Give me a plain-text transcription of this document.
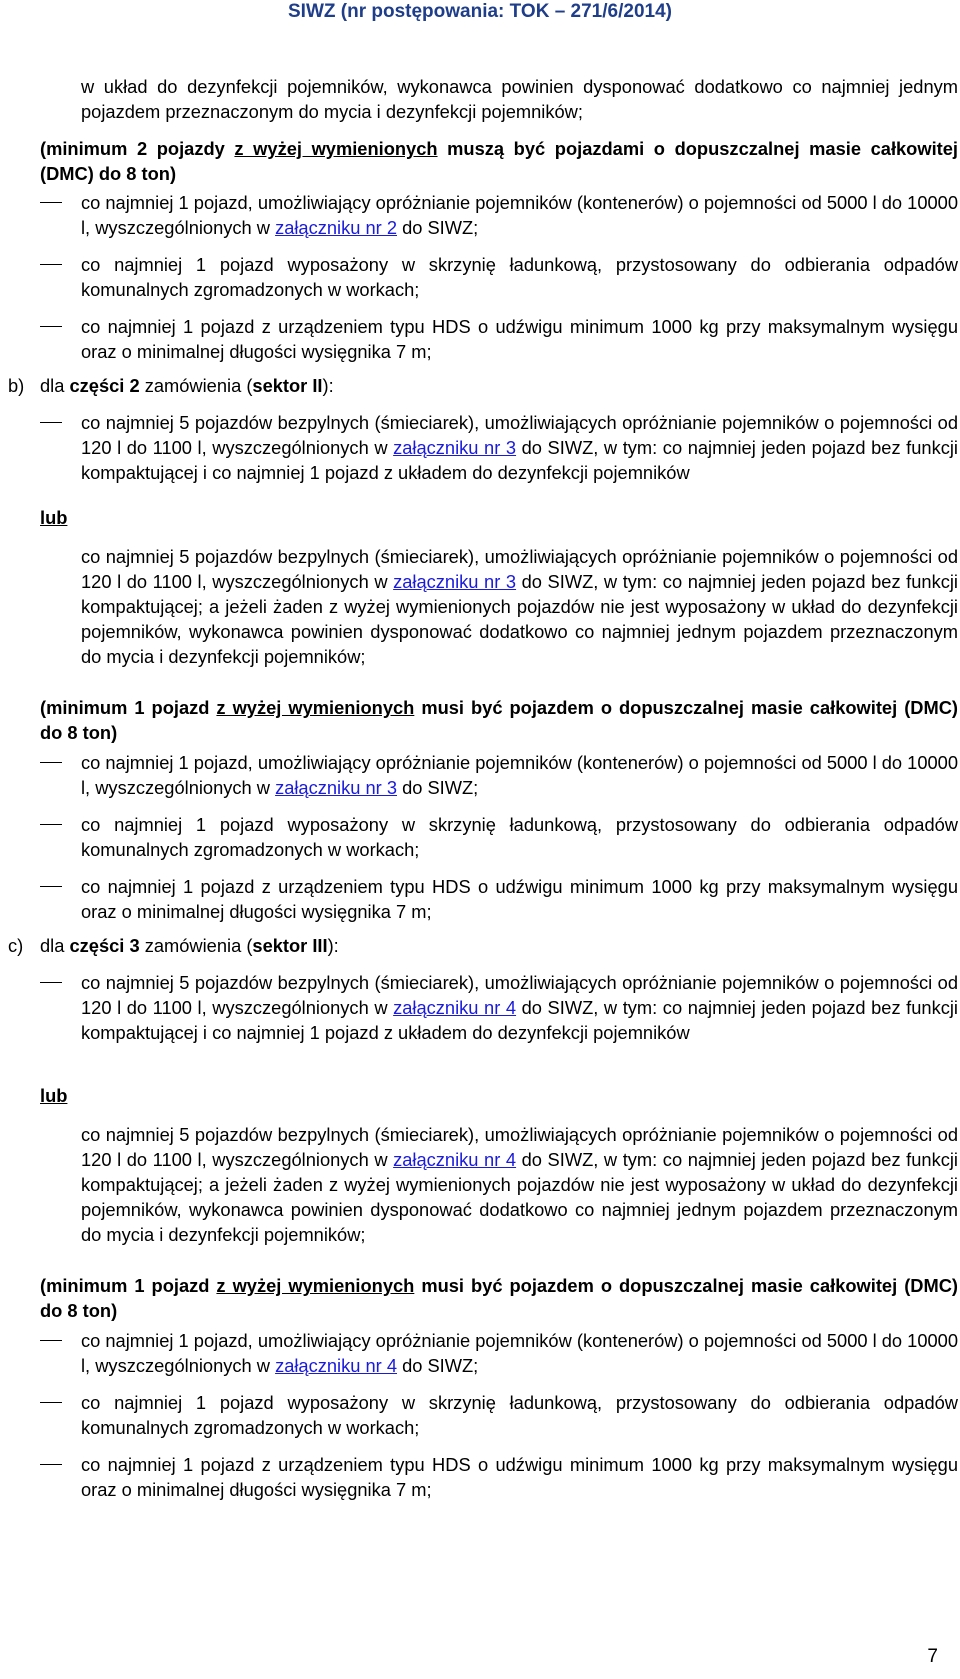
SIWZ (nr postępowania: TOK – 271/6/2014)
w układ do dezynfekcji pojemników, wykonawca powinien dysponować dodatkowo co najmniej jednym pojazdem przeznaczonym do mycia i dezynfekcji pojemników;
(minimum 2 pojazdy z wyżej wymienionych muszą być pojazdami o dopuszczalnej masie całkowitej (DMC) do 8 ton)
co najmniej 1 pojazd, umożliwiający opróżnianie pojemników (kontenerów) o pojemności od 5000 l do 10000 l, wyszczególnionych w załączniku nr 2 do SIWZ;
co najmniej 1 pojazd wyposażony w skrzynię ładunkową, przystosowany do odbierania odpadów komunalnych zgromadzonych w workach;
co najmniej 1 pojazd z urządzeniem typu HDS o udźwigu minimum 1000 kg przy maksymalnym wysięgu oraz o minimalnej długości wysięgnika 7 m;
b) dla części 2 zamówienia (sektor II):
co najmniej 5 pojazdów bezpylnych (śmieciarek), umożliwiających opróżnianie pojemników o pojemności od 120 l do 1100 l, wyszczególnionych w załączniku nr 3 do SIWZ, w tym: co najmniej jeden pojazd bez funkcji kompaktującej i co najmniej 1 pojazd z układem do dezynfekcji pojemników
lub
co najmniej 5 pojazdów bezpylnych (śmieciarek), umożliwiających opróżnianie pojemników o pojemności od 120 l do 1100 l, wyszczególnionych w załączniku nr 3 do SIWZ, w tym: co najmniej jeden pojazd bez funkcji kompaktującej; a jeżeli żaden z wyżej wymienionych pojazdów nie jest wyposażony w układ do dezynfekcji pojemników, wykonawca powinien dysponować dodatkowo co najmniej jednym pojazdem przeznaczonym do mycia i dezynfekcji pojemników;
(minimum 1 pojazd z wyżej wymienionych musi być pojazdem o dopuszczalnej masie całkowitej (DMC) do 8 ton)
co najmniej 1 pojazd, umożliwiający opróżnianie pojemników (kontenerów) o pojemności od 5000 l do 10000 l, wyszczególnionych w załączniku nr 3 do SIWZ;
co najmniej 1 pojazd wyposażony w skrzynię ładunkową, przystosowany do odbierania odpadów komunalnych zgromadzonych w workach;
co najmniej 1 pojazd z urządzeniem typu HDS o udźwigu minimum 1000 kg przy maksymalnym wysięgu oraz o minimalnej długości wysięgnika 7 m;
c) dla części 3 zamówienia (sektor III):
co najmniej 5 pojazdów bezpylnych (śmieciarek), umożliwiających opróżnianie pojemników o pojemności od 120 l do 1100 l, wyszczególnionych w załączniku nr 4 do SIWZ, w tym: co najmniej jeden pojazd bez funkcji kompaktującej i co najmniej 1 pojazd z układem do dezynfekcji pojemników
lub
co najmniej 5 pojazdów bezpylnych (śmieciarek), umożliwiających opróżnianie pojemników o pojemności od 120 l do 1100 l, wyszczególnionych w załączniku nr 4 do SIWZ, w tym: co najmniej jeden pojazd bez funkcji kompaktującej; a jeżeli żaden z wyżej wymienionych pojazdów nie jest wyposażony w układ do dezynfekcji pojemników, wykonawca powinien dysponować dodatkowo co najmniej jednym pojazdem przeznaczonym do mycia i dezynfekcji pojemników;
(minimum 1 pojazd z wyżej wymienionych musi być pojazdem o dopuszczalnej masie całkowitej (DMC) do 8 ton)
co najmniej 1 pojazd, umożliwiający opróżnianie pojemników (kontenerów) o pojemności od 5000 l do 10000 l, wyszczególnionych w załączniku nr 4 do SIWZ;
co najmniej 1 pojazd wyposażony w skrzynię ładunkową, przystosowany do odbierania odpadów komunalnych zgromadzonych w workach;
co najmniej 1 pojazd z urządzeniem typu HDS o udźwigu minimum 1000 kg przy maksymalnym wysięgu oraz o minimalnej długości wysięgnika 7 m;
7
